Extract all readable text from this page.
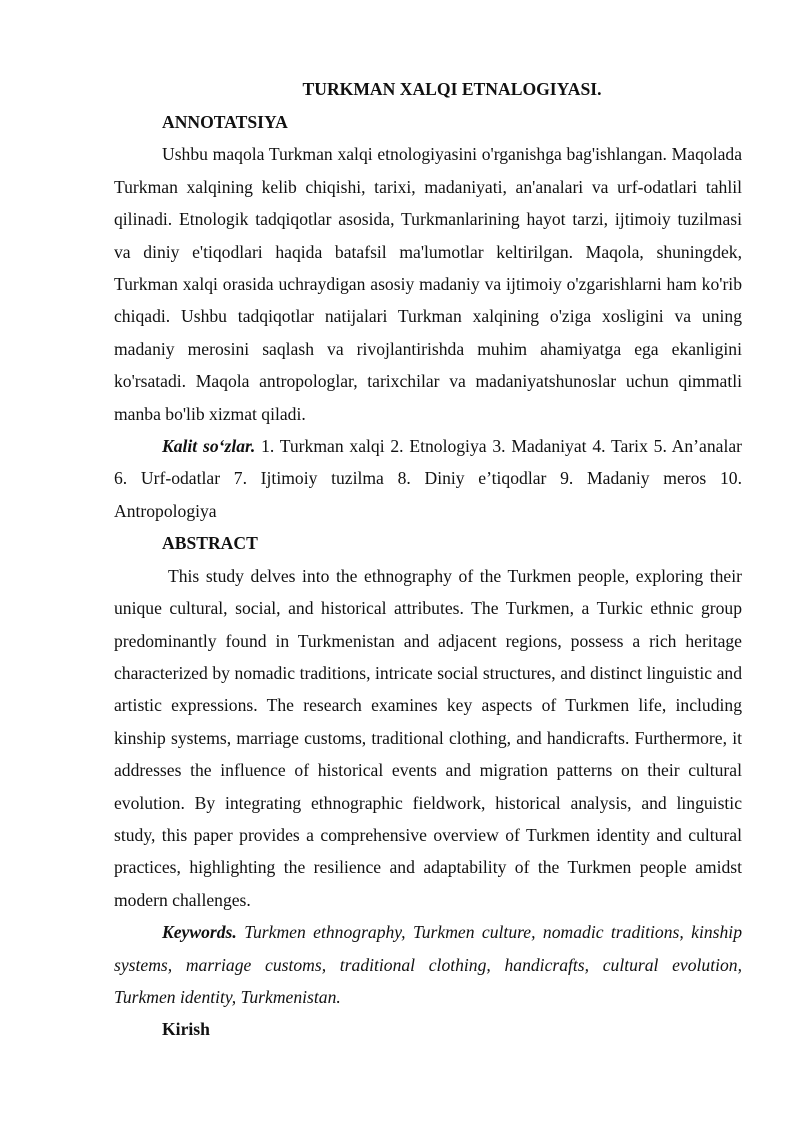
TURKMAN XALQI ETNALOGIYASI.

ANNOTATSIYA

Ushbu maqola Turkman xalqi etnologiyasini o'rganishga bag'ishlangan. Maqolada Turkman xalqining kelib chiqishi, tarixi, madaniyati, an'analari va urf-odatlari tahlil qilinadi. Etnologik tadqiqotlar asosida, Turkmanlarining hayot tarzi, ijtimoiy tuzilmasi va diniy e'tiqodlari haqida batafsil ma'lumotlar keltirilgan. Maqola, shuningdek, Turkman xalqi orasida uchraydigan asosiy madaniy va ijtimoiy o'zgarishlarni ham ko'rib chiqadi. Ushbu tadqiqotlar natijalari Turkman xalqining o'ziga xosligini va uning madaniy merosini saqlash va rivojlantirishda muhim ahamiyatga ega ekanligini ko'rsatadi. Maqola antropologlar, tarixchilar va madaniyatshunoslar uchun qimmatli manba bo'lib xizmat qiladi.

Kalit so‘zlar. 1. Turkman xalqi 2. Etnologiya 3. Madaniyat 4. Tarix 5. An’analar 6. Urf-odatlar 7. Ijtimoiy tuzilma 8. Diniy e’tiqodlar 9. Madaniy meros 10. Antropologiya

ABSTRACT

This study delves into the ethnography of the Turkmen people, exploring their unique cultural, social, and historical attributes. The Turkmen, a Turkic ethnic group predominantly found in Turkmenistan and adjacent regions, possess a rich heritage characterized by nomadic traditions, intricate social structures, and distinct linguistic and artistic expressions. The research examines key aspects of Turkmen life, including kinship systems, marriage customs, traditional clothing, and handicrafts. Furthermore, it addresses the influence of historical events and migration patterns on their cultural evolution. By integrating ethnographic fieldwork, historical analysis, and linguistic study, this paper provides a comprehensive overview of Turkmen identity and cultural practices, highlighting the resilience and adaptability of the Turkmen people amidst modern challenges.

Keywords. Turkmen ethnography, Turkmen culture, nomadic traditions, kinship systems, marriage customs, traditional clothing, handicrafts, cultural evolution, Turkmen identity, Turkmenistan.

Kirish
